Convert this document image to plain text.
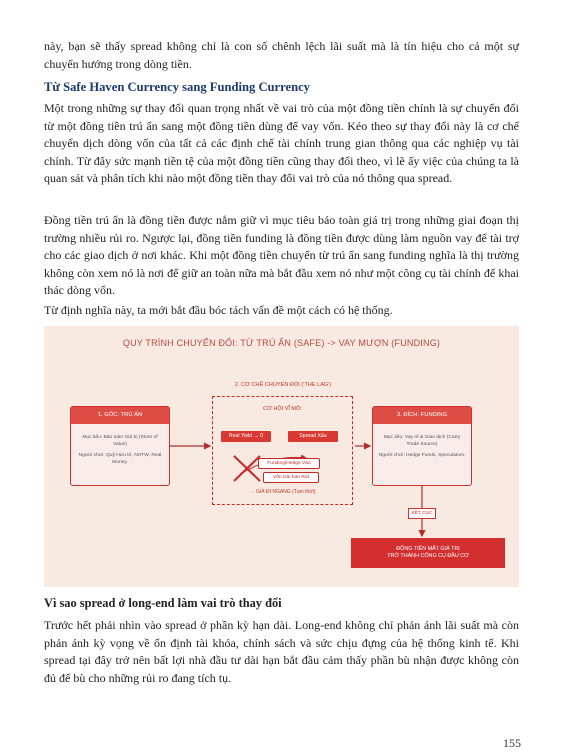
này, bạn sẽ thấy spread không chỉ là con số chênh lệch lãi suất mà là tín hiệu cho cả một sự chuyển hướng trong dòng tiền.

Từ Safe Haven Currency sang Funding Currency

Một trong những sự thay đổi quan trọng nhất về vai trò của một đồng tiền chính là sự chuyển đổi từ một đồng tiền trú ẩn sang một đồng tiền dùng để vay vốn. Kéo theo sự thay đổi này là cơ chế chuyển dịch dòng vốn của tất cả các định chế tài chính trung gian thông qua các nghiệp vụ tài chính. Từ đây sức mạnh tiền tệ của một đồng tiền cũng thay đổi theo, vì lẽ ấy việc của chúng ta là quan sát và phân tích khi nào một đồng tiền thay đổi vai trò của nó thông qua spread.

Đồng tiền trú ẩn là đồng tiền được nắm giữ vì mục tiêu bảo toàn giá trị trong những giai đoạn thị trường nhiều rủi ro. Ngược lại, đồng tiền funding là đồng tiền được dùng làm nguồn vay để tài trợ cho các giao dịch ở nơi khác. Khi một đồng tiền chuyển từ trú ẩn sang funding nghĩa là thị trường không còn xem nó là nơi để giữ an toàn nữa mà bắt đầu xem nó như một công cụ tài chính để khai thác dòng vốn.

Từ định nghĩa này, ta mới bắt đầu bóc tách vấn đề một cách có hệ thống.

QUY TRÌNH CHUYỂN ĐỔI: TỪ TRÚ ẨN (SAFE) -> VAY MƯỢN (FUNDING)
2. CƠ CHẾ CHUYỂN ĐỔI ('THE LAG')
CƠ HỘI VĨ MÔ:
Real Yield → 0	Spread Xấu
Funding/Hedge Vào
Vốn Dài hạn Rút
→ GIÁ ĐI NGANG (Tạm thời)
1. GỐC: TRÚ ẨN
Mục tiêu: Bảo toàn Giá trị (Store of Value)
Người chơi: Quỹ Hưu trí, NHTW, Real Money.
3. ĐÍCH: FUNDING
Mục tiêu: Vay rẻ & Giao dịch (Carry Trade Source)
Người chơi: Hedge Funds, Speculators.
KẾT CỤC
ĐỒNG TIỀN MẤT GIÁ TRỊ
TRỞ THÀNH CÔNG CỤ ĐẦU CƠ
Vì sao spread ở long-end làm vai trò thay đổi

Trước hết phải nhìn vào spread ở phần kỳ hạn dài. Long-end không chỉ phản ánh lãi suất mà còn phản ánh kỳ vọng về ổn định tài khóa, chính sách và sức chịu đựng của hệ thống kinh tế. Khi spread tại đây trở nên bất lợi nhà đầu tư dài hạn bắt đầu cảm thấy phần bù nhận được không còn đủ để bù cho những rủi ro đang tích tụ.

155
